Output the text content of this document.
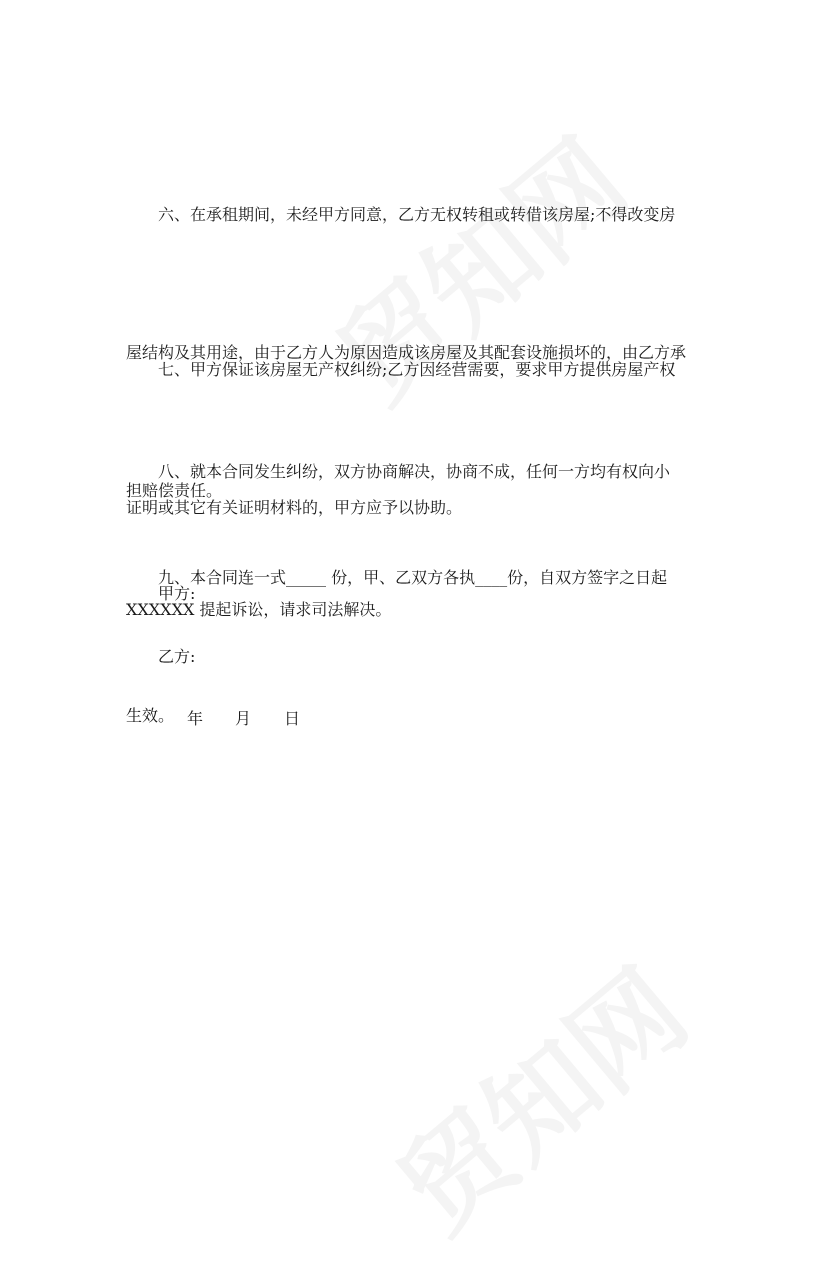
六、在承租期间，未经甲方同意，乙方无权转租或转借该房屋;不得改变房

屋结构及其用途，由于乙方人为原因造成该房屋及其配套设施损坏的，由乙方承

担赔偿责任。

七、甲方保证该房屋无产权纠纷;乙方因经营需要，要求甲方提供房屋产权

证明或其它有关证明材料的，甲方应予以协助。

八、就本合同发生纠纷，双方协商解决，协商不成，任何一方均有权向小

XXXXXX 提起诉讼，请求司法解决。

九、本合同连一式_____ 份，甲、乙双方各执____份，自双方签字之日起

生效。

甲方:
乙方:
年 月 日
